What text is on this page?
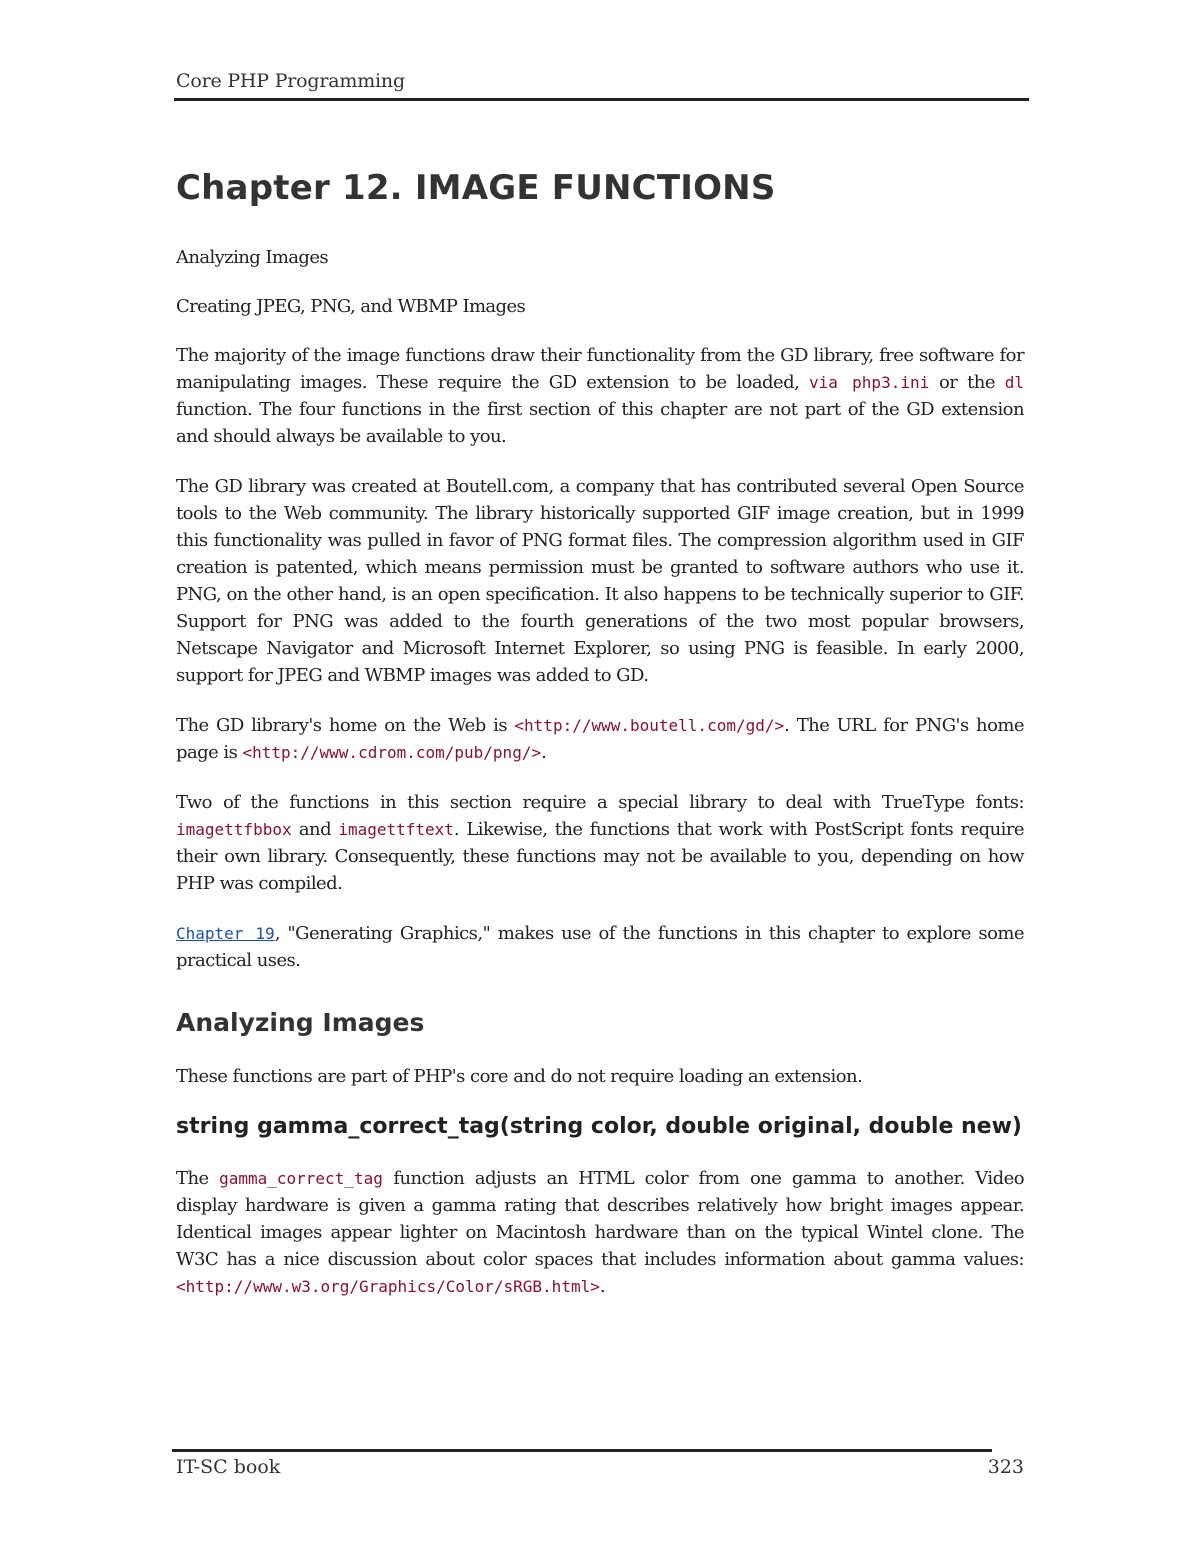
Core PHP Programming
Chapter 12. IMAGE FUNCTIONS
Analyzing Images
Creating JPEG, PNG, and WBMP Images

The majority of the image functions draw their functionality from the GD library, free software for manipulating images. These require the GD extension to be loaded, via php3.ini or the dl function. The four functions in the first section of this chapter are not part of the GD extension and should always be available to you.

The GD library was created at Boutell.com, a company that has contributed several Open Source tools to the Web community. The library historically supported GIF image creation, but in 1999 this functionality was pulled in favor of PNG format files. The compression algorithm used in GIF creation is patented, which means permission must be granted to software authors who use it. PNG, on the other hand, is an open specification. It also happens to be technically superior to GIF. Support for PNG was added to the fourth generations of the two most popular browsers, Netscape Navigator and Microsoft Internet Explorer, so using PNG is feasible. In early 2000, support for JPEG and WBMP images was added to GD.

The GD library's home on the Web is <http://www.boutell.com/gd/>. The URL for PNG's home page is <http://www.cdrom.com/pub/png/>.

Two of the functions in this section require a special library to deal with TrueType fonts: imagettfbbox and imagettftext. Likewise, the functions that work with PostScript fonts require their own library. Consequently, these functions may not be available to you, depending on how PHP was compiled.

Chapter 19, "Generating Graphics," makes use of the functions in this chapter to explore some practical uses.

Analyzing Images

These functions are part of PHP's core and do not require loading an extension.

string gamma_correct_tag(string color, double original, double new)

The gamma_correct_tag function adjusts an HTML color from one gamma to another. Video display hardware is given a gamma rating that describes relatively how bright images appear. Identical images appear lighter on Macintosh hardware than on the typical Wintel clone. The W3C has a nice discussion about color spaces that includes information about gamma values: <http://www.w3.org/Graphics/Color/sRGB.html>.

IT-SC book	323
